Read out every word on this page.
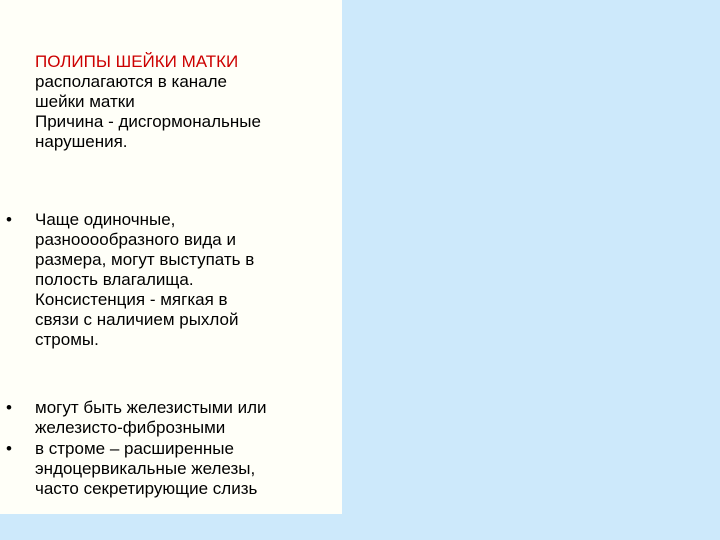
ПОЛИПЫ ШЕЙКИ МАТКИ
располагаются в канале
шейки матки
Причина - дисгормональные
нарушения.
• Чаще одиночные,
разнооообразного вида и
размера, могут выступать в
полость влагалища.
Консистенция - мягкая в
связи с наличием рыхлой
стромы.
• могут быть железистыми или
железисто-фиброзными
• в строме – расширенные
эндоцервикальные железы,
часто секретирующие слизь
